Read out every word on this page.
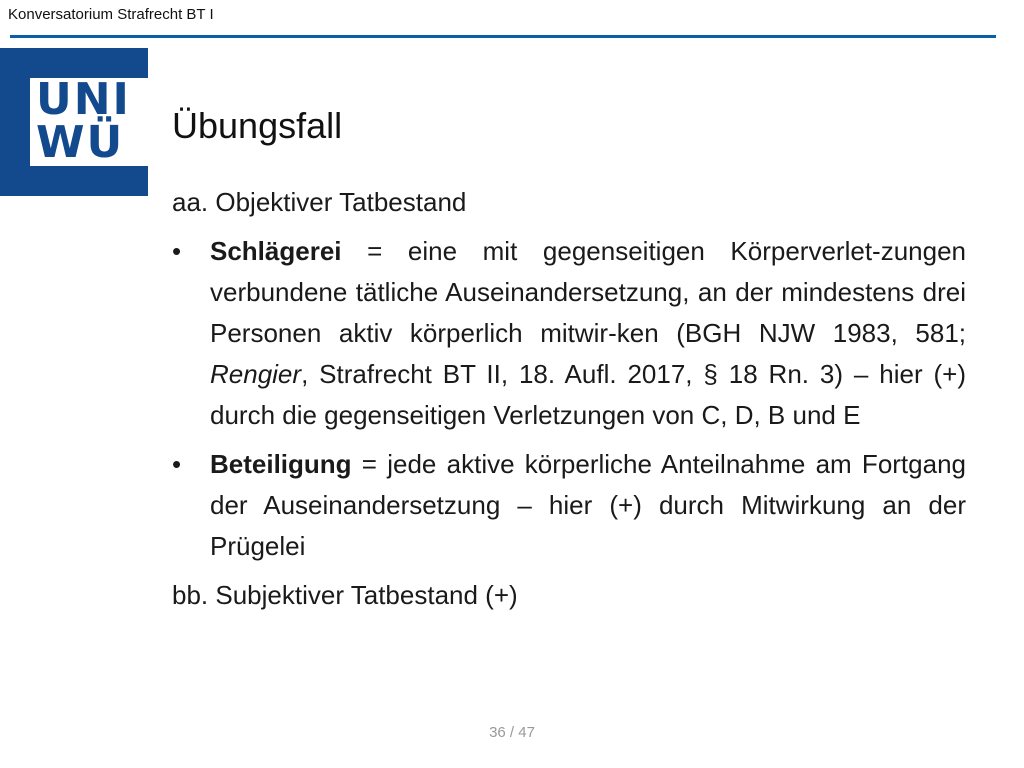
Konversatorium Strafrecht BT I
UNI
WÜ Übungsfall
aa. Objektiver Tatbestand
•	Schlägerei = eine mit gegenseitigen Körperverlet-zungen verbundene tätliche Auseinandersetzung, an der mindestens drei Personen aktiv körperlich mitwir-ken (BGH NJW 1983, 581; Rengier, Strafrecht BT II, 18. Aufl. 2017, § 18 Rn. 3) – hier (+) durch die gegenseitigen Verletzungen von C, D, B und E
•	Beteiligung = jede aktive körperliche Anteilnahme am Fortgang der Auseinandersetzung – hier (+) durch Mitwirkung an der Prügelei
bb. Subjektiver Tatbestand (+)
36 / 47
